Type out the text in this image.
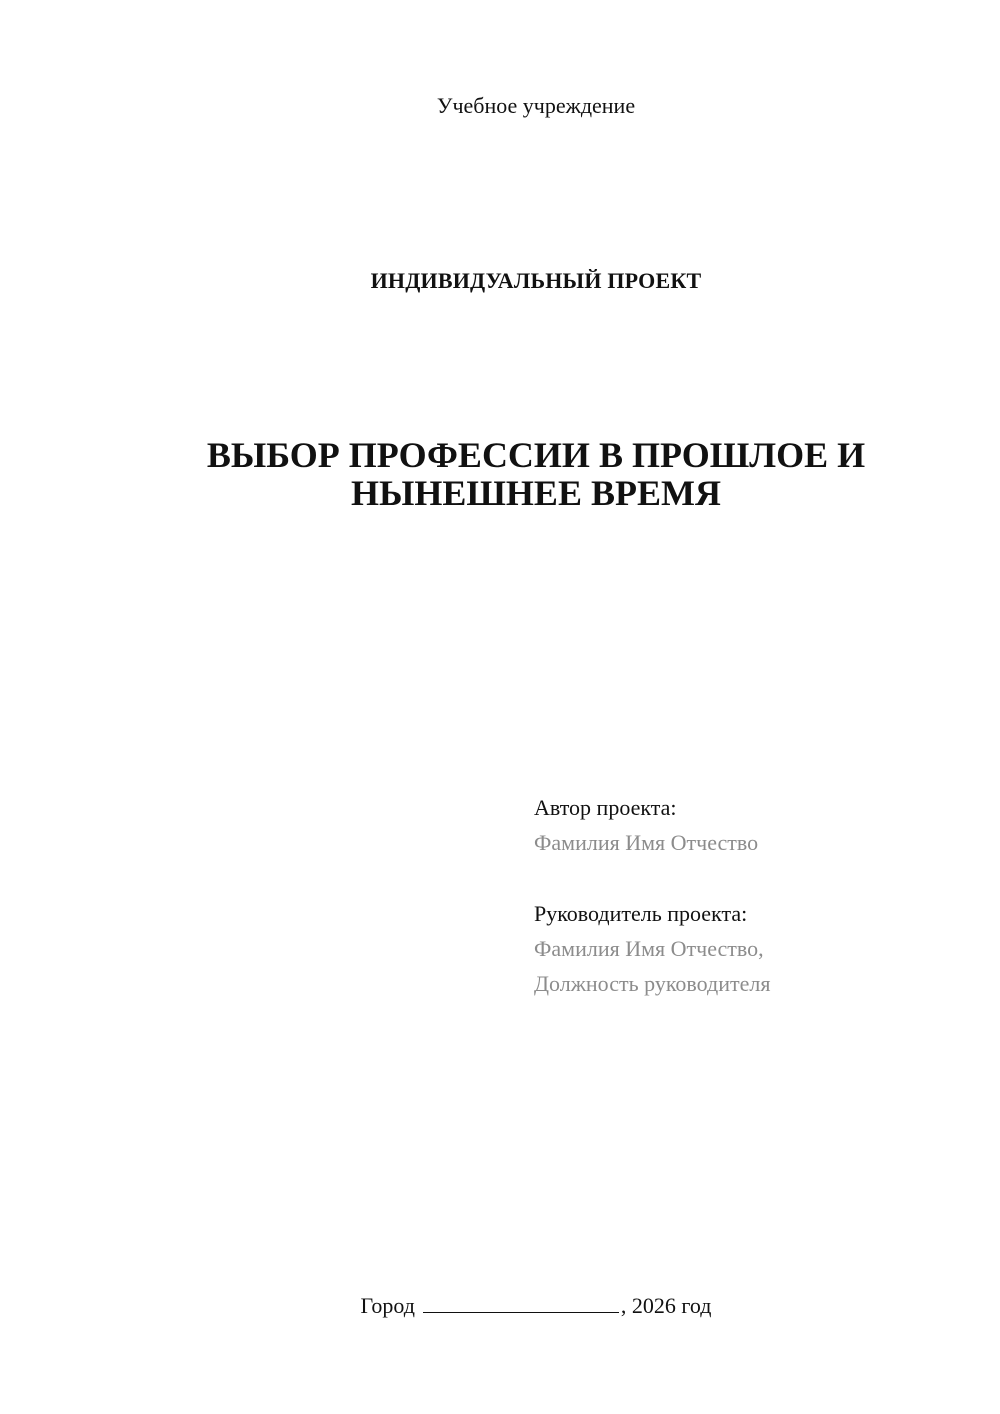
Учебное учреждение
ИНДИВИДУАЛЬНЫЙ ПРОЕКТ
ВЫБОР ПРОФЕССИИ В ПРОШЛОЕ И
НЫНЕШНЕЕ ВРЕМЯ
Автор проекта:
Фамилия Имя Отчество
Руководитель проекта:
Фамилия Имя Отчество,
Должность руководителя
Город	, 2026 год
